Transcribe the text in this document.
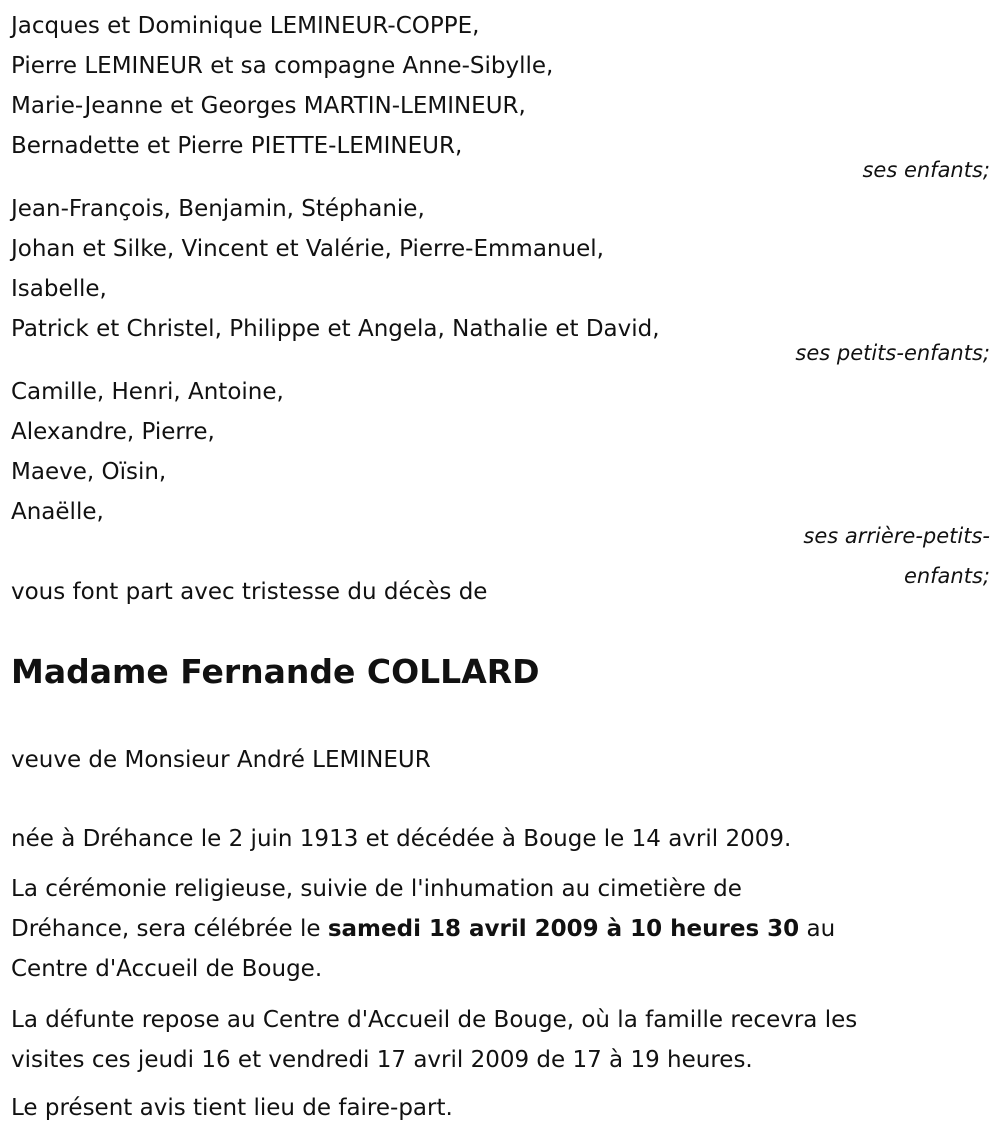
Jacques et Dominique LEMINEUR-COPPE,
Pierre LEMINEUR et sa compagne Anne-Sibylle,
Marie-Jeanne et Georges MARTIN-LEMINEUR,
Bernadette et Pierre PIETTE-LEMINEUR,
ses enfants;
Jean-François, Benjamin, Stéphanie,
Johan et Silke, Vincent et Valérie, Pierre-Emmanuel,
Isabelle,
Patrick et Christel, Philippe et Angela, Nathalie et David,
ses petits-enfants;
Camille, Henri, Antoine,
Alexandre, Pierre,
Maeve, Oïsin,
Anaëlle,
ses arrière-petits-
enfants;
vous font part avec tristesse du décès de
Madame Fernande COLLARD
veuve de Monsieur André LEMINEUR
née à Dréhance le 2 juin 1913 et décédée à Bouge le 14 avril 2009.
La cérémonie religieuse, suivie de l'inhumation au cimetière de
Dréhance, sera célébrée le samedi 18 avril 2009 à 10 heures 30 au
Centre d'Accueil de Bouge.
La défunte repose au Centre d'Accueil de Bouge, où la famille recevra les
visites ces jeudi 16 et vendredi 17 avril 2009 de 17 à 19 heures.
Le présent avis tient lieu de faire-part.
